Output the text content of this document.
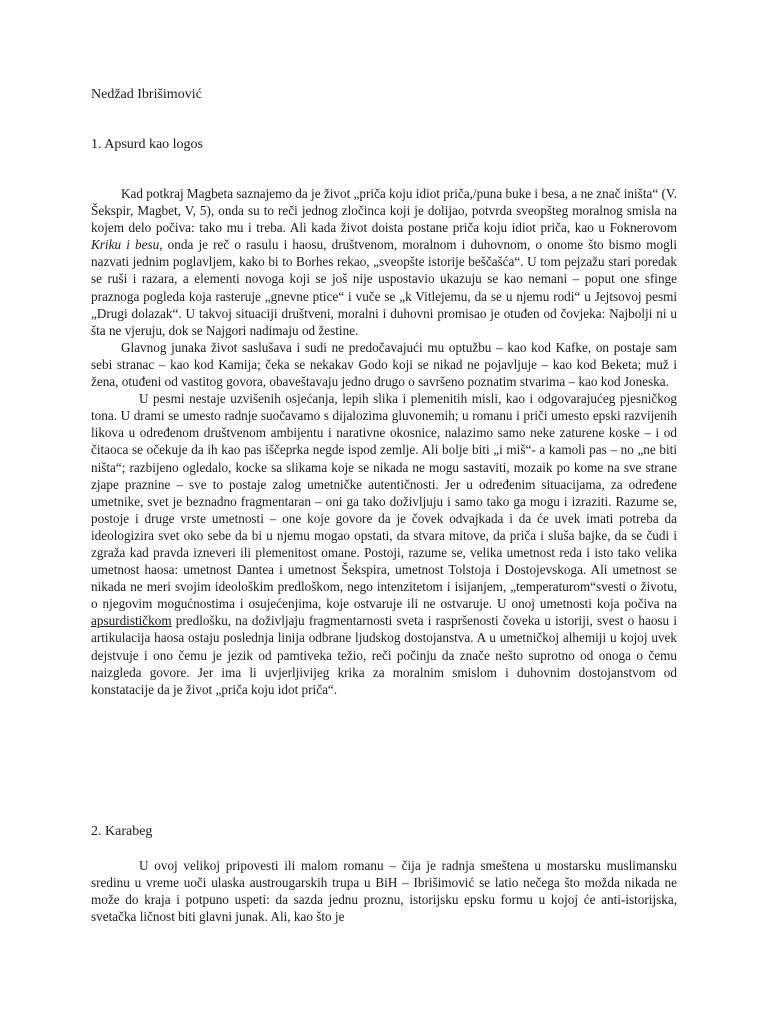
Nedžad Ibrišimović
1. Apsurd kao logos

Kad potkraj Magbeta saznajemo da je život „priča koju idiot priča,/puna buke i besa, a ne znač iništa“ (V. Šekspir, Magbet, V, 5), onda su to reči jednog zločinca koji je dolijao, potvrda sveopšteg moralnog smisla na kojem delo počiva: tako mu i treba. Ali kada život doista postane priča koju idiot priča, kao u Foknerovom Kriku i besu, onda je reč o rasulu i haosu, društvenom, moralnom i duhovnom, o onome što bismo mogli nazvati jednim poglavljem, kako bi to Borhes rekao, „sveopšte istorije beščašća“. U tom pejzažu stari poredak se ruši i razara, a elementi novoga koji se još nije uspostavio ukazuju se kao nemani – poput one sfinge praznoga pogleda koja rasteruje „gnevne ptice“ i vuče se „k Vitlejemu, da se u njemu rodi“ u Jejtsovoj pesmi „Drugi dolazak“. U takvoj situaciji društveni, moralni i duhovni promisao je otuđen od čovjeka: Najbolji ni u šta ne vjeruju, dok se Najgori nadimaju od žestine.

Glavnog junaka život saslušava i sudi ne predočavajući mu optužbu – kao kod Kafke, on postaje sam sebi stranac – kao kod Kamija; čeka se nekakav Godo koji se nikad ne pojavljuje – kao kod Beketa; muž i žena, otuđeni od vastitog govora, obaveštavaju jedno drugo o savršeno poznatim stvarima – kao kod Joneska.

U pesmi nestaje uzvišenih osjećanja, lepih slika i plemenitih misli, kao i odgovarajućeg pjesničkog tona. U drami se umesto radnje suočavamo s dijalozima gluvonemih; u romanu i priči umesto epski razvijenih likova u određenom društvenom ambijentu i narativne okosnice, nalazimo samo neke zaturene koske – i od čitaoca se očekuje da ih kao pas iščeprka negde ispod zemlje. Ali bolje biti „i miš“- a kamoli pas – no „ne biti ništa“; razbijeno ogledalo, kocke sa slikama koje se nikada ne mogu sastaviti, mozaik po kome na sve strane zjape praznine – sve to postaje zalog umetničke autentičnosti. Jer u određenim situacijama, za određene umetnike, svet je beznadno fragmentaran – oni ga tako doživljuju i samo tako ga mogu i izraziti. Razume se, postoje i druge vrste umetnosti – one koje govore da je čovek odvajkada i da će uvek imati potreba da ideologizira svet oko sebe da bi u njemu mogao opstati, da stvara mitove, da priča i sluša bajke, da se čudi i zgraža kad pravda izneveri ili plemenitost omane. Postoji, razume se, velika umetnost reda i isto tako velika umetnost haosa: umetnost Dantea i umetnost Šekspira, umetnost Tolstoja i Dostojevskoga. Ali umetnost se nikada ne meri svojim ideološkim predloškom, nego intenzitetom i isijanjem, „temperaturom“svesti o životu, o njegovim mogućnostima i osujećenjima, koje ostvaruje ili ne ostvaruje. U onoj umetnosti koja počiva na apsurdističkom predlošku, na doživljaju fragmentarnosti sveta i raspršenosti čoveka u istoriji, svest o haosu i artikulacija haosa ostaju poslednja linija odbrane ljudskog dostojanstva. A u umetničkoj alhemiji u kojoj uvek dejstvuje i ono čemu je jezik od pamtiveka težio, reči počinju da znače nešto suprotno od onoga o čemu naizgleda govore. Jer ima li uvjerljivijeg krika za moralnim smislom i duhovnim dostojanstvom od konstatacije da je život „priča koju idot priča“.

2. Karabeg

U ovoj velikoj pripovesti ili malom romanu – čija je radnja smeštena u mostarsku muslimansku sredinu u vreme uoči ulaska austrougarskih trupa u BiH – Ibrišimović se latio nečega što možda nikada ne može do kraja i potpuno uspeti: da sazda jednu proznu, istorijsku epsku formu u kojoj će anti-istorijska, svetačka ličnost biti glavni junak. Ali, kao što je
